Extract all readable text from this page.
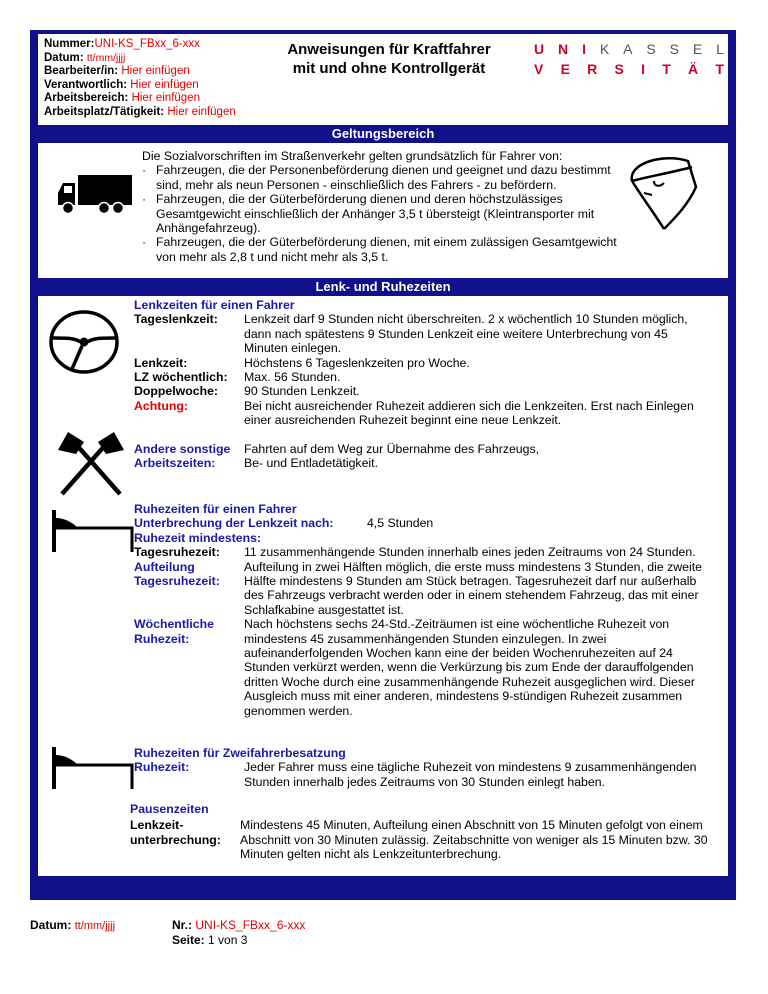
Nummer:UNI-KS_FBxx_6-xxx
Datum: tt/mm/jjjj
Bearbeiter/in: Hier einfügen
Verantwortlich: Hier einfügen
Arbeitsbereich: Hier einfügen
Arbeitsplatz/Tätigkeit: Hier einfügen
Anweisungen für Kraftfahrer
mit und ohne Kontrollgerät
U N I K A S S E L
V E R S I T Ä T
Geltungsbereich
Die Sozialvorschriften im Straßenverkehr gelten grundsätzlich für Fahrer von:
· Fahrzeugen, die der Personenbeförderung dienen und geeignet und dazu bestimmt sind, mehr als neun Personen - einschließlich des Fahrers - zu befördern.
· Fahrzeugen, die der Güterbeförderung dienen und deren höchstzulässiges Gesamtgewicht einschließlich der Anhänger 3,5 t übersteigt (Kleintransporter mit Anhängefahrzeug).
· Fahrzeugen, die der Güterbeförderung dienen, mit einem zulässigen Gesamtgewicht von mehr als 2,8 t und nicht mehr als 3,5 t.
Lenk- und Ruhezeiten
Lenkzeiten für einen Fahrer
Tageslenkzeit:	Lenkzeit darf 9 Stunden nicht überschreiten. 2 x wöchentlich 10 Stunden möglich, dann nach spätestens 9 Stunden Lenkzeit eine weitere Unterbrechung von 45 Minuten einlegen.
Lenkzeit:	Höchstens 6 Tageslenkzeiten pro Woche.
LZ wöchentlich:	Max. 56 Stunden.
Doppelwoche:	90 Stunden Lenkzeit.
Achtung:	Bei nicht ausreichender Ruhezeit addieren sich die Lenkzeiten. Erst nach Einlegen einer ausreichenden Ruhezeit beginnt eine neue Lenkzeit.
Andere sonstige Arbeitszeiten:
Fahrten auf dem Weg zur Übernahme des Fahrzeugs,
Be- und Entladetätigkeit.
Ruhezeiten für einen Fahrer
Unterbrechung der Lenkzeit nach:	4,5 Stunden
Ruhezeit mindestens:
Tagesruhezeit:	11 zusammenhängende Stunden innerhalb eines jeden Zeitraums von 24 Stunden.
Aufteilung Tagesruhezeit:
Aufteilung in zwei Hälften möglich, die erste muss mindestens 3 Stunden, die zweite Hälfte mindestens 9 Stunden am Stück betragen. Tagesruhezeit darf nur außerhalb des Fahrzeugs verbracht werden oder in einem stehendem Fahrzeug, das mit einer Schlafkabine ausgestattet ist.
Wöchentliche Ruhezeit:
Nach höchstens sechs 24-Std.-Zeiträumen ist eine wöchentliche Ruhezeit von mindestens 45 zusammenhängenden Stunden einzulegen. In zwei aufeinanderfolgenden Wochen kann eine der beiden Wochenruhezeiten auf 24 Stunden verkürzt werden, wenn die Verkürzung bis zum Ende der darauffolgenden dritten Woche durch eine zusammenhängende Ruhezeit ausgeglichen wird. Dieser Ausgleich muss mit einer anderen, mindestens 9-stündigen Ruhezeit zusammen genommen werden.
Ruhezeiten für Zweifahrerbesatzung
Ruhezeit:	Jeder Fahrer muss eine tägliche Ruhezeit von mindestens 9 zusammenhängenden Stunden innerhalb jedes Zeitraums von 30 Stunden einlegt haben.
Pausenzeiten
Lenkzeit-unterbrechung:
Mindestens 45 Minuten, Aufteilung einen Abschnitt von 15 Minuten gefolgt von einem Abschnitt von 30 Minuten zulässig. Zeitabschnitte von weniger als 15 Minuten bzw. 30 Minuten gelten nicht als Lenkzeitunterbrechung.
Datum: tt/mm/jjjj	Nr.: UNI-KS_FBxx_6-xxx
Seite: 1 von 3
